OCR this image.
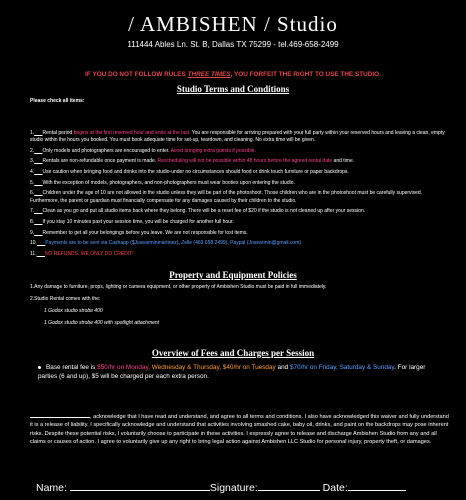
/ AMBISHEN / Studio
111444 Ables Ln. St. B, Dallas TX 75299 - tel.469-658-2499
IF YOU DO NOT FOLLOW RULES THREE TIMES, YOU FORFEIT THE RIGHT TO USE THE STUDIO.
Studio Terms and Conditions
Please check all items:
1. Rental period begins at the first reserved hour and ends at the last. You are responsible for arriving prepared with your full party within your reserved hours and leaving a clean, empty studio within the hours you booked. You must book adequate time for set-up, teardown, and cleaning. No extra time will be given.
2. Only models and photographers are encouraged to enter. Avoid bringing extra guests if possible.
3. Rentals are non-refundable once payment is made. Rescheduling will not be possible within 48 hours before the agreed rental date and time.
4. Use caution when bringing food and drinks into the studio-under no circumstances should food or drink touch furniture or paper backdrops.
5. With the exception of models, photographers, and non-photographers must wear booties upon entering the studio.
6. Children under the age of 10 are not allowed in the studio unless they will be part of the photoshoot. Those children who are in the photoshoot must be carefully supervised. Furthermore, the parent or guardian must financially compensate for any damages caused by their children to the studio.
7. Clean as you go and put all studio items back where they belong. There will be a reset fee of $20 if the studio is not cleaned up after your session.
8. If you stay 10 minutes past your session time, you will be charged for another full hour.
9. Remember to get all your belongings before you leave. We are not responsible for lost items.
10. Payments are to be sent via Cashapp ($Josearminmartinez), Zelle (469.658.2499), Paypal (Josearmin@gmail.com)
11. NO REFUNDS. WE ONLY DO CREDIT!
Property and Equipment Policies
1.Any damage to furniture, props, lighting or camera equipment, or other property of Ambishen Studio must be paid in full immediately.
2.Studio Rental comes with the:
1 Godox studio strobe 400
1 Godox studio strobe 400 with spotlight attachment
Overview of Fees and Charges per Session
Base rental fee is $50/hr on Monday, Wednesday & Thursday, $40/hr on Tuesday and $70/hr on Friday, Saturday & Sunday. For larger parties (6 and up), $5 will be charged per each extra person.
, acknowledge that I have read and understand, and agree to all terms and conditions. I also have acknowledged this waiver and fully understand it is a release of liability. I specifically acknowledge and understand that activities involving smashed cake, baby oil, drinks, and paint on the backdrops may pose inherent risks. Despite these potential risks, I voluntarily choose to participate in these activities. I expressly agree to release and discharge Ambishen Studio from any and all claims or causes of action. I agree to voluntarily give up any right to bring legal action against Ambishen LLC Studio for personal injury, property theft, or damages.
Name:	Signature:	Date:
